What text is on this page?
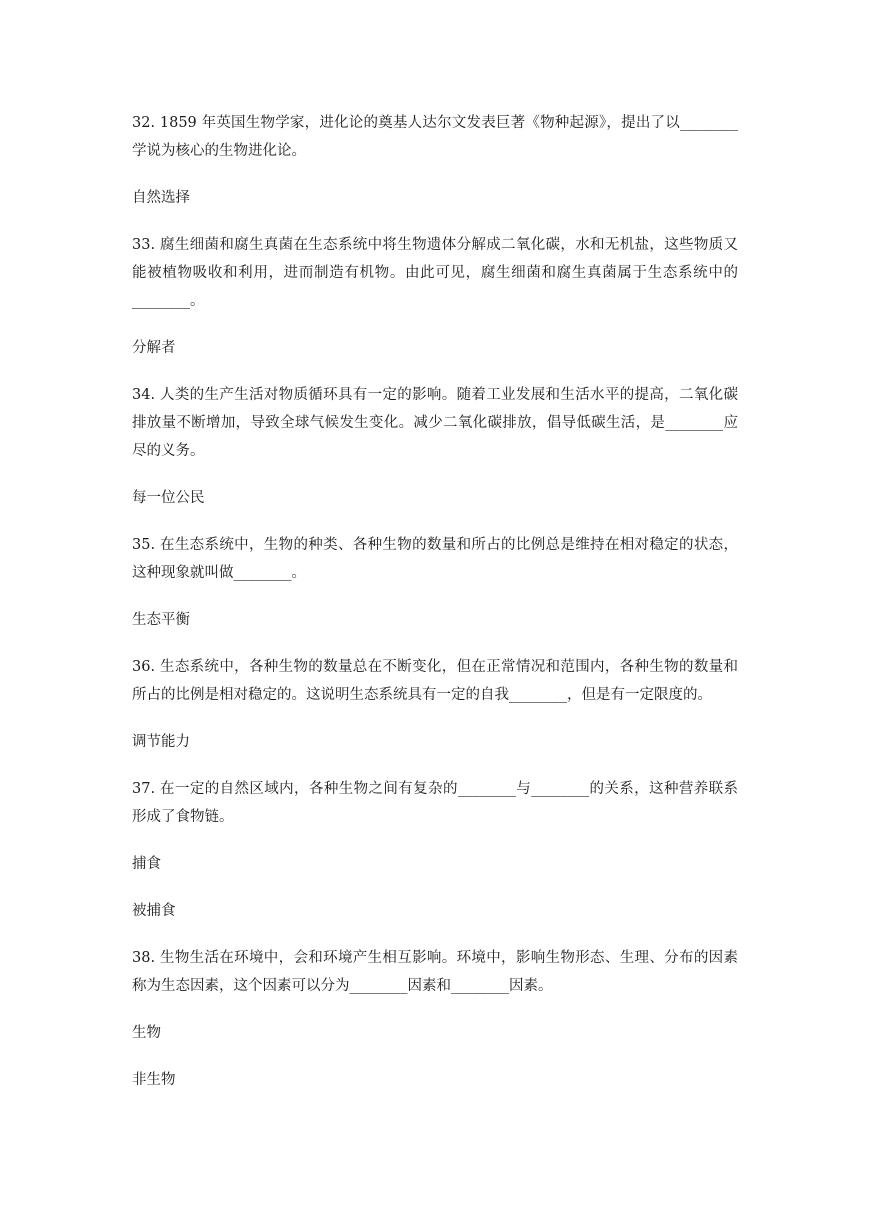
32. 1859 年英国生物学家，进化论的奠基人达尔文发表巨著《物种起源》，提出了以________学说为核心的生物进化论。

自然选择

33. 腐生细菌和腐生真菌在生态系统中将生物遗体分解成二氧化碳，水和无机盐，这些物质又能被植物吸收和利用，进而制造有机物。由此可见，腐生细菌和腐生真菌属于生态系统中的________。

分解者

34. 人类的生产生活对物质循环具有一定的影响。随着工业发展和生活水平的提高，二氧化碳排放量不断增加，导致全球气候发生变化。减少二氧化碳排放，倡导低碳生活，是________应尽的义务。

每一位公民

35. 在生态系统中，生物的种类、各种生物的数量和所占的比例总是维持在相对稳定的状态，这种现象就叫做________。

生态平衡

36. 生态系统中，各种生物的数量总在不断变化，但在正常情况和范围内，各种生物的数量和所占的比例是相对稳定的。这说明生态系统具有一定的自我________，但是有一定限度的。

调节能力

37. 在一定的自然区域内，各种生物之间有复杂的________与________的关系，这种营养联系形成了食物链。

捕食

被捕食

38. 生物生活在环境中，会和环境产生相互影响。环境中，影响生物形态、生理、分布的因素称为生态因素，这个因素可以分为________因素和________因素。

生物

非生物
